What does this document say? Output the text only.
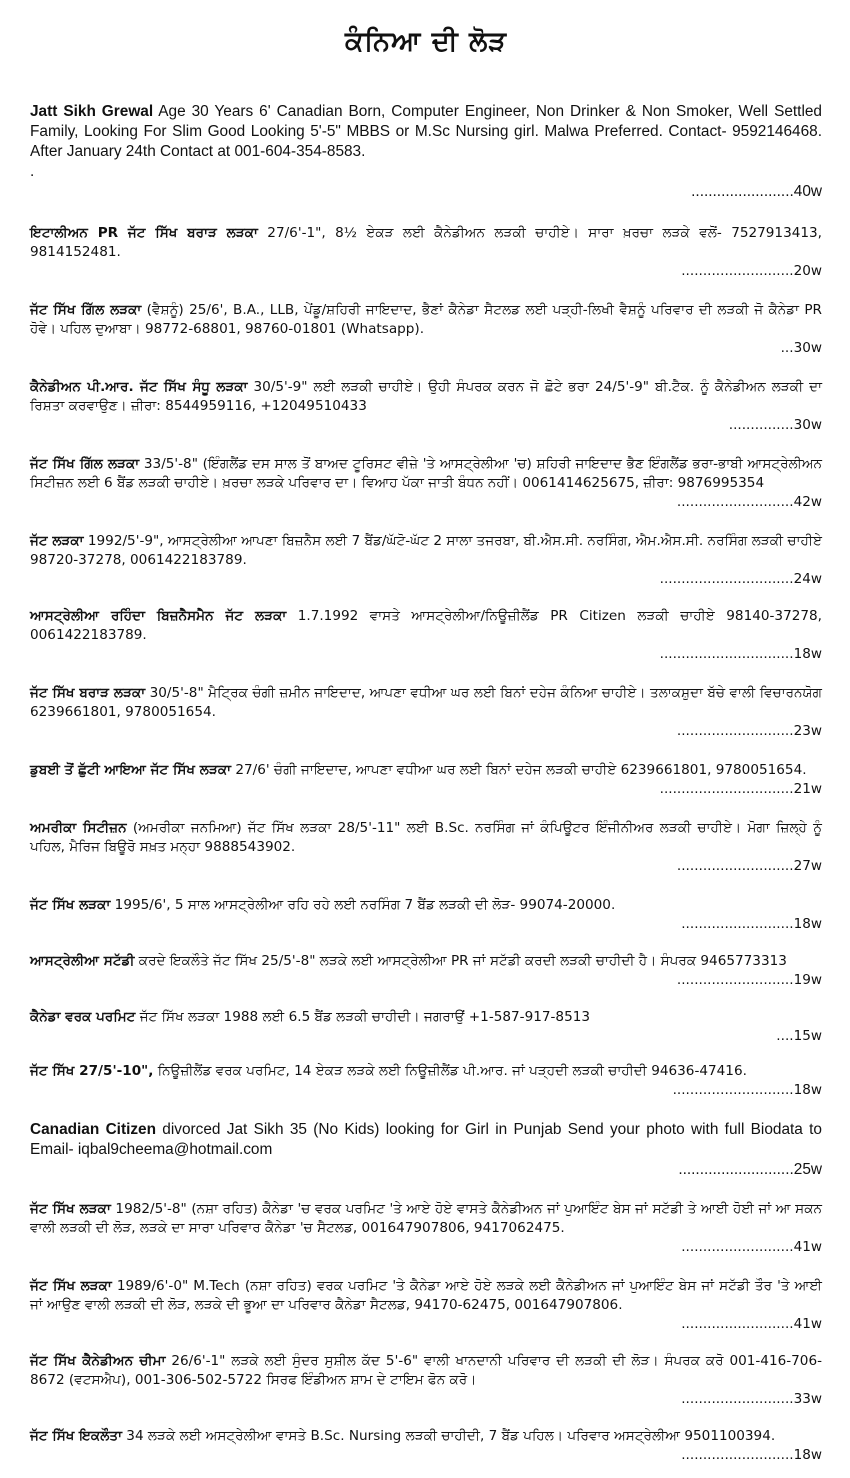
ਕੰਨਿਆ ਦੀ ਲੋੜ

Jatt Sikh Grewal Age 30 Years 6' Canadian Born, Computer Engineer, Non Drinker & Non Smoker, Well Settled Family, Looking For Slim Good Looking 5'-5" MBBS or M.Sc Nursing girl. Malwa Preferred. Contact- 9592146468. After January 24th Contact at 001-604-354-8583.
.
........................40w

ਇਟਾਲੀਅਨ PR ਜੱਟ ਸਿੱਖ ਬਰਾੜ ਲੜਕਾ 27/6'-1", 8½ ਏਕੜ ਲਈ ਕੈਨੇਡੀਅਨ ਲੜਕੀ ਚਾਹੀਏ। ਸਾਰਾ ਖ਼ਰਚਾ ਲੜਕੇ ਵਲੋਂ- 7527913413, 9814152481.
..........................20w

ਜੱਟ ਸਿੱਖ ਗਿੱਲ ਲੜਕਾ (ਵੈਸ਼ਨੂੰ) 25/6', B.A., LLB, ਪੇਂਡੂ/ਸ਼ਹਿਰੀ ਜਾਇਦਾਦ, ਭੈਣਾਂ ਕੈਨੇਡਾ ਸੈਟਲਡ ਲਈ ਪੜ੍ਹੀ-ਲਿਖੀ ਵੈਸ਼ਨੂੰ ਪਰਿਵਾਰ ਦੀ ਲੜਕੀ ਜੋ ਕੈਨੇਡਾ PR ਹੋਵੇ। ਪਹਿਲ ਦੁਆਬਾ। 98772-68801, 98760-01801 (Whatsapp).
...30w

ਕੈਨੇਡੀਅਨ ਪੀ.ਆਰ. ਜੱਟ ਸਿੱਖ ਸੰਧੂ ਲੜਕਾ 30/5'-9" ਲਈ ਲੜਕੀ ਚਾਹੀਏ। ਉਹੀ ਸੰਪਰਕ ਕਰਨ ਜੋ ਛੋਟੇ ਭਰਾ 24/5'-9" ਬੀ.ਟੈਕ. ਨੂੰ ਕੈਨੇਡੀਅਨ ਲੜਕੀ ਦਾ ਰਿਸ਼ਤਾ ਕਰਵਾਉਣ। ਜ਼ੀਰਾ: 8544959116, +12049510433
...............30w

ਜੱਟ ਸਿੱਖ ਗਿੱਲ ਲੜਕਾ 33/5'-8" (ਇੰਗਲੈਂਡ ਦਸ ਸਾਲ ਤੋਂ ਬਾਅਦ ਟੂਰਿਸਟ ਵੀਜ਼ੇ 'ਤੇ ਆਸਟ੍ਰੇਲੀਆ 'ਚ) ਸ਼ਹਿਰੀ ਜਾਇਦਾਦ ਭੈਣ ਇੰਗਲੈਂਡ ਭਰਾ-ਭਾਬੀ ਆਸਟ੍ਰੇਲੀਅਨ ਸਿਟੀਜ਼ਨ ਲਈ 6 ਬੈਂਡ ਲੜਕੀ ਚਾਹੀਏ। ਖ਼ਰਚਾ ਲੜਕੇ ਪਰਿਵਾਰ ਦਾ। ਵਿਆਹ ਪੱਕਾ ਜਾਤੀ ਬੰਧਨ ਨਹੀਂ। 0061414625675, ਜ਼ੀਰਾ: 9876995354
...........................42w

ਜੱਟ ਲੜਕਾ 1992/5'-9", ਆਸਟ੍ਰੇਲੀਆ ਆਪਣਾ ਬਿਜ਼ਨੈਸ ਲਈ 7 ਬੈਂਡ/ਘੱਟੋ-ਘੱਟ 2 ਸਾਲਾ ਤਜਰਬਾ, ਬੀ.ਐਸ.ਸੀ. ਨਰਸਿੰਗ, ਐਮ.ਐਸ.ਸੀ. ਨਰਸਿੰਗ ਲੜਕੀ ਚਾਹੀਏ 98720-37278, 0061422183789.
...............................24w

ਆਸਟ੍ਰੇਲੀਆ ਰਹਿੰਦਾ ਬਿਜ਼ਨੈਸਮੈਨ ਜੱਟ ਲੜਕਾ 1.7.1992 ਵਾਸਤੇ ਆਸਟ੍ਰੇਲੀਆ/ਨਿਊਜ਼ੀਲੈਂਡ PR Citizen ਲੜਕੀ ਚਾਹੀਏ 98140-37278, 0061422183789.
...............................18w

ਜੱਟ ਸਿੱਖ ਬਰਾੜ ਲੜਕਾ 30/5'-8" ਮੈਟ੍ਰਿਕ ਚੰਗੀ ਜ਼ਮੀਨ ਜਾਇਦਾਦ, ਆਪਣਾ ਵਧੀਆ ਘਰ ਲਈ ਬਿਨਾਂ ਦਹੇਜ ਕੰਨਿਆ ਚਾਹੀਏ। ਤਲਾਕਸ਼ੁਦਾ ਬੱਚੇ ਵਾਲੀ ਵਿਚਾਰਨਯੋਗ 6239661801, 9780051654.
...........................23w

ਡੁਬਈ ਤੋਂ ਛੁੱਟੀ ਆਇਆ ਜੱਟ ਸਿੱਖ ਲੜਕਾ 27/6' ਚੰਗੀ ਜਾਇਦਾਦ, ਆਪਣਾ ਵਧੀਆ ਘਰ ਲਈ ਬਿਨਾਂ ਦਹੇਜ ਲੜਕੀ ਚਾਹੀਏ 6239661801, 9780051654.
...............................21w

ਅਮਰੀਕਾ ਸਿਟੀਜ਼ਨ (ਅਮਰੀਕਾ ਜਨਮਿਆ) ਜੱਟ ਸਿੱਖ ਲੜਕਾ 28/5'-11" ਲਈ B.Sc. ਨਰਸਿੰਗ ਜਾਂ ਕੰਪਿਊਟਰ ਇੰਜੀਨੀਅਰ ਲੜਕੀ ਚਾਹੀਏ। ਮੋਗਾ ਜ਼ਿਲ੍ਹੇ ਨੂੰ ਪਹਿਲ, ਮੈਰਿਜ ਬਿਊਰੋ ਸਖ਼ਤ ਮਨ੍ਹਾ 9888543902.
...........................27w

ਜੱਟ ਸਿੱਖ ਲੜਕਾ 1995/6', 5 ਸਾਲ ਆਸਟ੍ਰੇਲੀਆ ਰਹਿ ਰਹੇ ਲਈ ਨਰਸਿੰਗ 7 ਬੈਂਡ ਲੜਕੀ ਦੀ ਲੋੜ- 99074-20000.
..........................18w

ਆਸਟ੍ਰੇਲੀਆ ਸਟੱਡੀ ਕਰਦੇ ਇਕਲੌਤੇ ਜੱਟ ਸਿੱਖ 25/5'-8" ਲੜਕੇ ਲਈ ਆਸਟ੍ਰੇਲੀਆ PR ਜਾਂ ਸਟੱਡੀ ਕਰਦੀ ਲੜਕੀ ਚਾਹੀਦੀ ਹੈ। ਸੰਪਰਕ 9465773313
...........................19w

ਕੈਨੇਡਾ ਵਰਕ ਪਰਮਿਟ ਜੱਟ ਸਿੱਖ ਲੜਕਾ 1988 ਲਈ 6.5 ਬੈਂਡ ਲੜਕੀ ਚਾਹੀਦੀ। ਜਗਰਾਉਂ +1-587-917-8513
....15w

ਜੱਟ ਸਿੱਖ 27/5'-10", ਨਿਊਜ਼ੀਲੈਂਡ ਵਰਕ ਪਰਮਿਟ, 14 ਏਕੜ ਲੜਕੇ ਲਈ ਨਿਊਜ਼ੀਲੈਂਡ ਪੀ.ਆਰ. ਜਾਂ ਪੜ੍ਹਦੀ ਲੜਕੀ ਚਾਹੀਦੀ 94636-47416.
............................18w

Canadian Citizen divorced Jat Sikh 35 (No Kids) looking for Girl in Punjab Send your photo with full Biodata to Email- iqbal9cheema@hotmail.com
...........................25w

ਜੱਟ ਸਿੱਖ ਲੜਕਾ 1982/5'-8" (ਨਸ਼ਾ ਰਹਿਤ) ਕੈਨੇਡਾ 'ਚ ਵਰਕ ਪਰਮਿਟ 'ਤੇ ਆਏ ਹੋਏ ਵਾਸਤੇ ਕੈਨੇਡੀਅਨ ਜਾਂ ਪੁਆਇੰਟ ਬੇਸ ਜਾਂ ਸਟੱਡੀ ਤੇ ਆਈ ਹੋਈ ਜਾਂ ਆ ਸਕਨ ਵਾਲੀ ਲੜਕੀ ਦੀ ਲੋੜ, ਲੜਕੇ ਦਾ ਸਾਰਾ ਪਰਿਵਾਰ ਕੈਨੇਡਾ 'ਚ ਸੈਟਲਡ, 001647907806, 9417062475.
..........................41w

ਜੱਟ ਸਿੱਖ ਲੜਕਾ 1989/6'-0" M.Tech (ਨਸ਼ਾ ਰਹਿਤ) ਵਰਕ ਪਰਮਿਟ 'ਤੇ ਕੈਨੇਡਾ ਆਏ ਹੋਏ ਲੜਕੇ ਲਈ ਕੈਨੇਡੀਅਨ ਜਾਂ ਪੁਆਇੰਟ ਬੇਸ ਜਾਂ ਸਟੱਡੀ ਤੌਰ 'ਤੇ ਆਈ ਜਾਂ ਆਉਣ ਵਾਲੀ ਲੜਕੀ ਦੀ ਲੋੜ, ਲੜਕੇ ਦੀ ਭੂਆ ਦਾ ਪਰਿਵਾਰ ਕੈਨੇਡਾ ਸੈਟਲਡ, 94170-62475, 001647907806.
..........................41w

ਜੱਟ ਸਿੱਖ ਕੈਨੇਡੀਅਨ ਚੀਮਾ 26/6'-1" ਲੜਕੇ ਲਈ ਸੁੰਦਰ ਸੁਸ਼ੀਲ ਕੱਦ 5'-6" ਵਾਲੀ ਖਾਨਦਾਨੀ ਪਰਿਵਾਰ ਦੀ ਲੜਕੀ ਦੀ ਲੋੜ। ਸੰਪਰਕ ਕਰੋ 001-416-706-8672 (ਵਟਸਐਪ), 001-306-502-5722 ਸਿਰਫ ਇੰਡੀਅਨ ਸ਼ਾਮ ਦੇ ਟਾਇਮ ਫੋਨ ਕਰੋ।
..........................33w

ਜੱਟ ਸਿੱਖ ਇਕਲੌਤਾ 34 ਲੜਕੇ ਲਈ ਅਸਟ੍ਰੇਲੀਆ ਵਾਸਤੇ B.Sc. Nursing ਲੜਕੀ ਚਾਹੀਦੀ, 7 ਬੈਂਡ ਪਹਿਲ। ਪਰਿਵਾਰ ਅਸਟ੍ਰੇਲੀਆ 9501100394.
..........................18w
